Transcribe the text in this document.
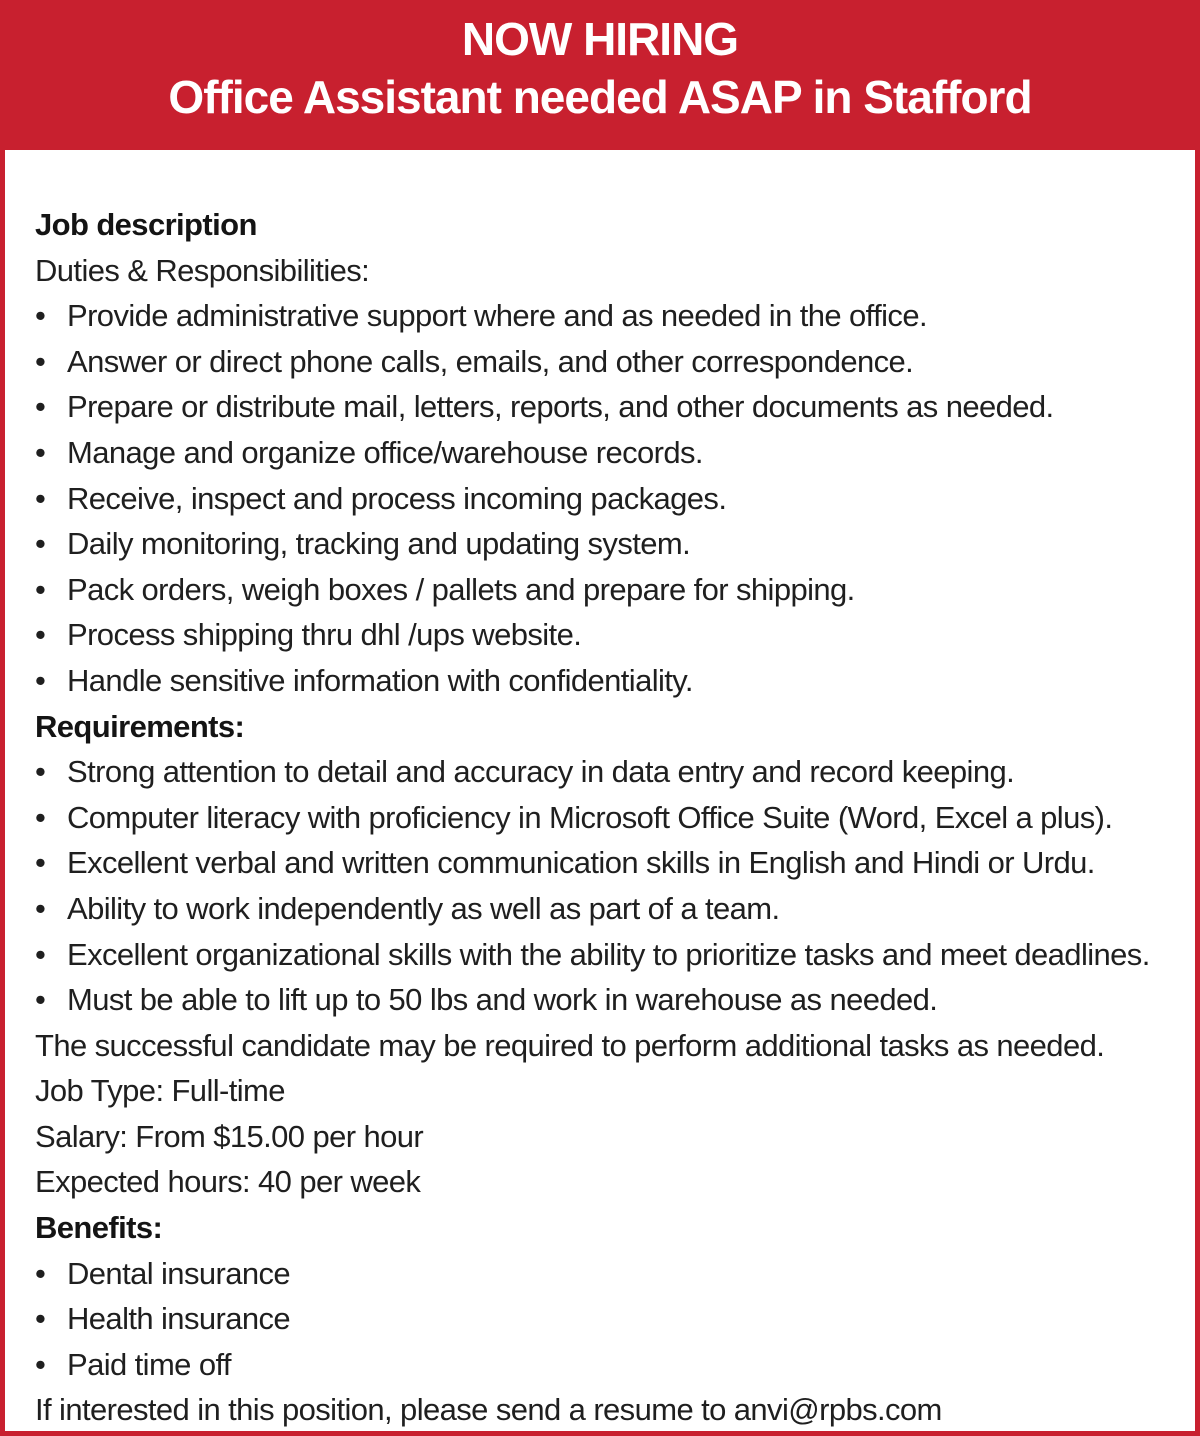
NOW HIRING
Office Assistant needed ASAP in Stafford
Job description
Duties & Responsibilities:
• Provide administrative support where and as needed in the office.
• Answer or direct phone calls, emails, and other correspondence.
• Prepare or distribute mail, letters, reports, and other documents as needed.
• Manage and organize office/warehouse records.
• Receive, inspect and process incoming packages.
• Daily monitoring, tracking and updating system.
• Pack orders, weigh boxes / pallets and prepare for shipping.
• Process shipping thru dhl /ups website.
• Handle sensitive information with confidentiality.
Requirements:
• Strong attention to detail and accuracy in data entry and record keeping.
• Computer literacy with proficiency in Microsoft Office Suite (Word, Excel a plus).
• Excellent verbal and written communication skills in English and Hindi or Urdu.
• Ability to work independently as well as part of a team.
• Excellent organizational skills with the ability to prioritize tasks and meet deadlines.
• Must be able to lift up to 50 lbs and work in warehouse as needed.
The successful candidate may be required to perform additional tasks as needed.
Job Type: Full-time
Salary: From $15.00 per hour
Expected hours: 40 per week
Benefits:
• Dental insurance
• Health insurance
• Paid time off
If interested in this position, please send a resume to anvi@rpbs.com
